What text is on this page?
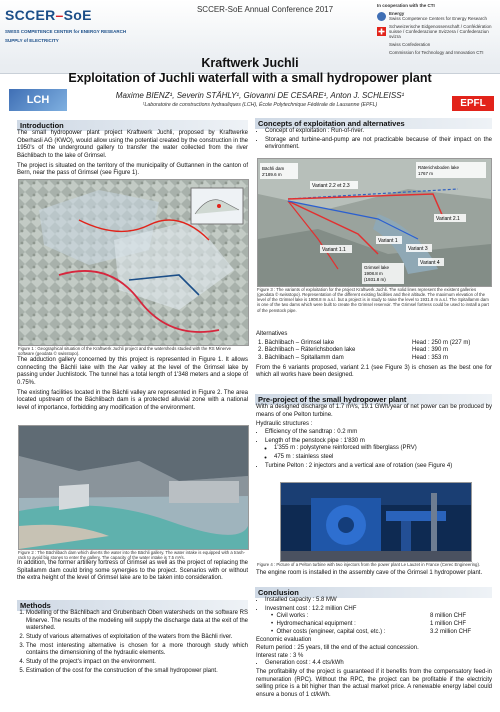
SCCER–SoE
SWISS COMPETENCE CENTER for ENERGY RESEARCH
SUPPLY of ELECTRICITY
SCCER-SoE Annual Conference 2017	In cooperation with the CTI
Energy
Swiss Competence Centers for Energy Research
Schweizerische Eidgenossenschaft / Confédération suisse / Confederazione Svizzera / Confederaziun svizra
Swiss Confederation
Commission for Technology and Innovation CTI
Kraftwerk Juchli
Exploitation of Juchli waterfall with a small hydropower plant
LCH	EPFL
Maxime BIENZ¹, Severin STÄHLY¹, Giovanni DE CESARE¹, Anton J. SCHLEISS¹
¹Laboratoire de constructions hydrauliques (LCH), École Polytechnique Fédérale de Lausanne (EPFL)
Introduction

The small hydropower plant project Kraftwerk Juchli, proposed by Kraftwerke Oberhasli AG (KWO), would allow using the potential created by the construction in the 1950's of the underground gallery to transfer the water collected from the river Bächlibach to the lake of Grimsel.

The project is situated on the territory of the municipality of Guttannen in the canton of Bern, near the pass of Grimsel (see Figure 1).

Figure 1 : Geographical situation of the Kraftwerk Juchli project and the watersheds studied with the RS Minerve software (geodata © swisstopo).

The adduction gallery concerned by this project is represented in Figure 1. It allows connecting the Bächli lake with the Aar valley at the level of the Grimsel lake by passing under Juchlistock. The tunnel has a total length of 1'348 meters and a slope of 0.75%.

The existing facilities located in the Bächli valley are represented in Figure 2. The area located upstream of the Bächlibach dam is a protected alluvial zone with a national level of importance, forbidding any modification of the environment.

Figure 2 : The Bächlibach dam which diverts the water into the Bächli gallery. The water intake is equipped with a trash-rack to avoid big stones to enter the gallery. The capacity of the water intake is 7.5 m³/s.
In addition, the former artillery fortress of Grimsel as well as the project of replacing the Spitallamm dam could bring some synergies to the project. Scenarios with or without the extra height of the level of Grimsel lake are to be taken into consideration.
Methods
1. Modelling of the Bächlibach and Grubenbach Oben watersheds on the software RS Minerve. The results of the modeling will supply the discharge data at the exit of the watershed.
2. Study of various alternatives of exploitation of the waters from the Bächli river.
3. The most interesting alternative is chosen for a more thorough study which contains the dimensioning of the hydraulic elements.
4. Study of the project's impact on the environment.
5. Estimation of the cost for the construction of the small hydropower plant.
Concepts of exploitation and alternatives
• Concept of exploitation : Run-of-river.
• Storage and turbine-and-pump are not practicable because of their impact on the environment.
Bächli dam
2'189.6 m
Räterichsboden lake
1767 m
Grimsel lake
1908.8 m
(1931.8 m)
Variant 2.2 et 2.3
Variant 2.1
Variant 1
Variant 3
Variant 1.1
Variant 4
Figure 3 : The variants of exploitation for the project Kraftwerk Juchli. The solid lines represent the existent galleries (geodata © swisstopo). Representation of the different existing facilities and their altitude. The maximum elevation of the level of the Grimsel lake is 1908.8 m a.s.l. but a project is in study to raise the level to 1931.8 m a.s.l. The Spitallamm dam is one of the two dams which were built to create the Grimsel reservoir. The Grimsel fortress could be used to install a part of the penstock pipe.
Alternatives
1. Bächlibach – Grimsel lake	Head : 250 m (227 m)
2. Bächlibach – Räterichsboden lake	Head : 390 m
3. Bächlibach – Spitallamm dam	Head : 353 m

From the 6 variants proposed, variant 2.1 (see Figure 3) is chosen as the best one for which all works have been designed.

Pre-project of the small hydropower plant

With a designed discharge of 1.7 m³/s, 19.1 GWh/year of net power can be produced by means of one Pelton turbine.

Hydraulic structures :
• Efficiency of the sandtrap : 0.2 mm
• Length of the penstock pipe : 1'830 m
◦ 1'355 m : polystyrene reinforced with fiberglass (PRV)
◦ 475 m : stainless steel
• Turbine Pelton : 2 injectors and a vertical axe of rotation (see Figure 4)
Figure 4 : Picture of a Pelton turbine with two injectors from the power plant Le Lauzet in France (Cerec Engineering).
The engine room is installed in the assembly cave of the Grimsel 1 hydropower plant.
Conclusion
• Installed capacity : 5.8 MW
• Investment cost : 12.2 million CHF
•  Civil works :	8 million CHF
•  Hydromechanical equipment :	1 million CHF
•  Other costs (engineer, capital cost, etc.) :	3.2 million CHF
Economic evaluation
Return period : 25 years, till the end of the actual concession.
Interest rate : 3 %
• Generation cost : 4.4 cts/kWh

The profitability of the project is guaranteed if it benefits from the compensatory feed-in remuneration (RPC). Without the RPC, the project can be profitable if the electricity selling price is a bit higher than the actual market price. A renewable energy label could ensure a bonus of 1 ct/kWh.
